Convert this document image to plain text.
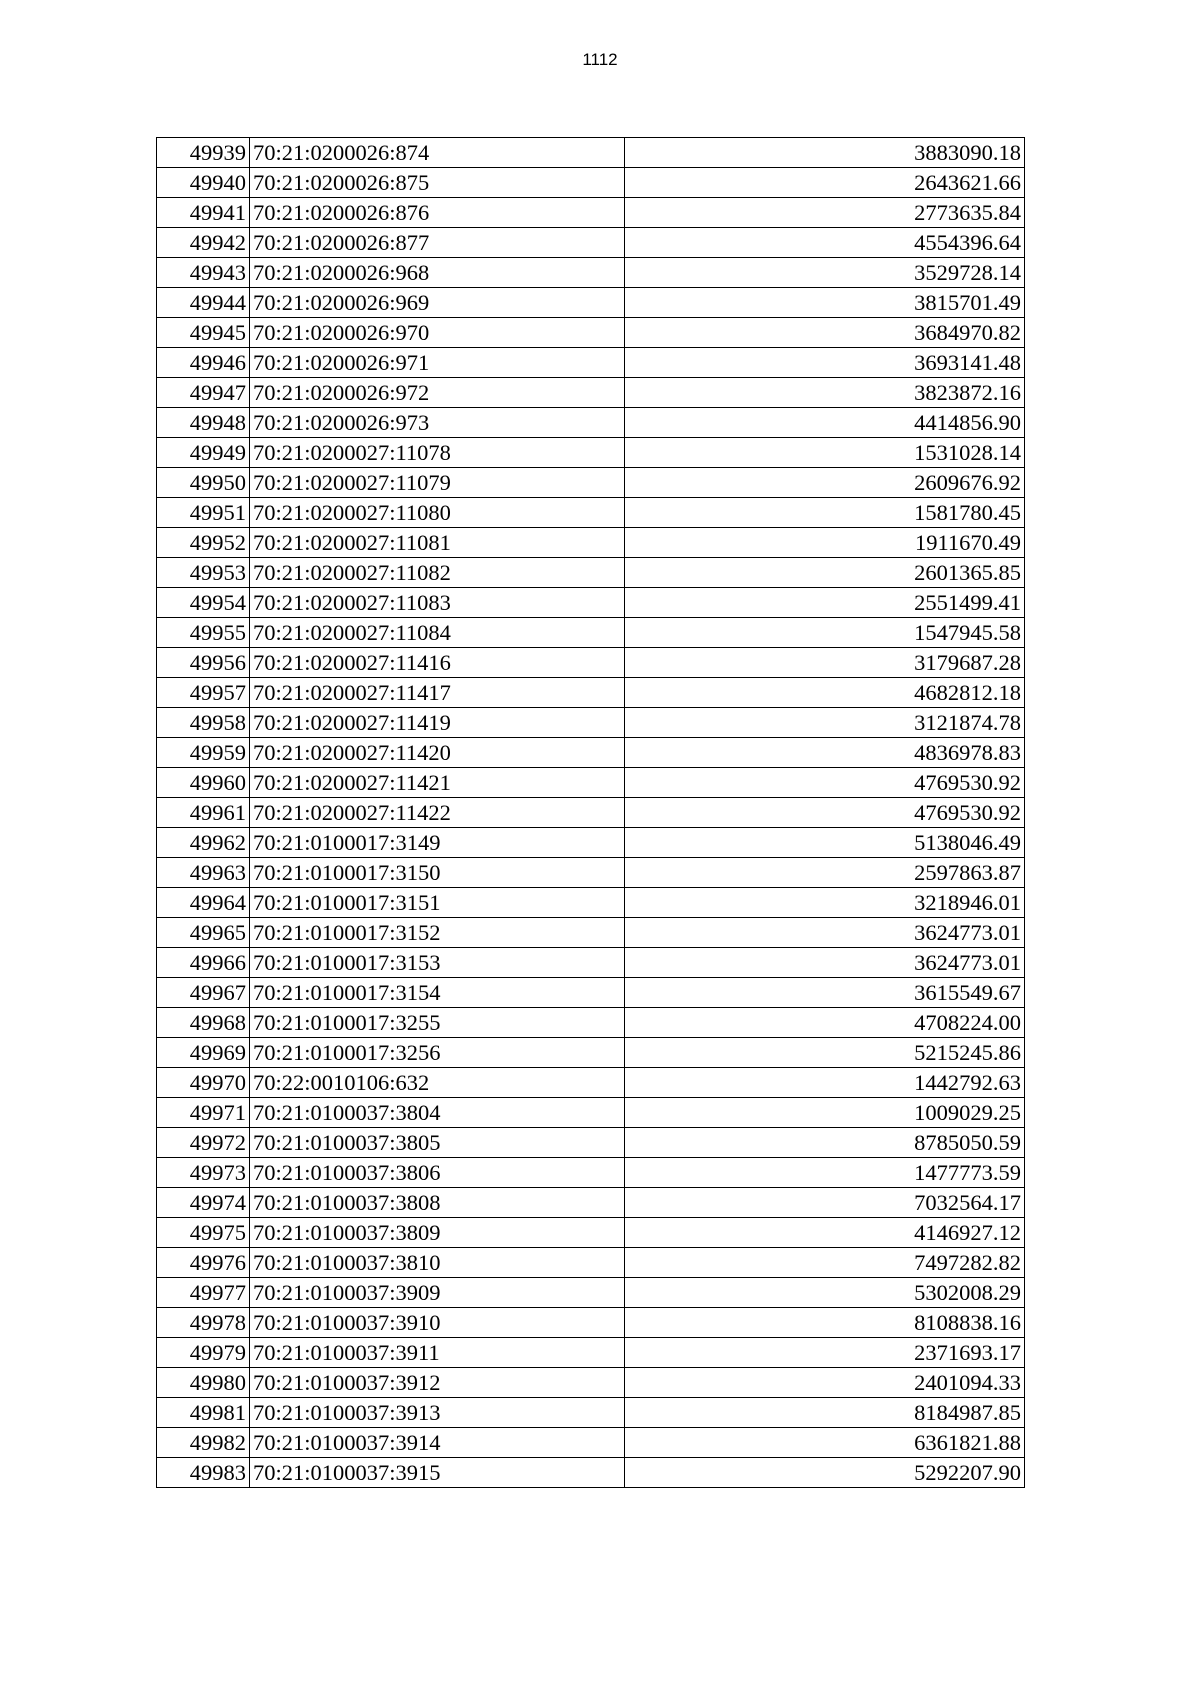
1112
49939	70:21:0200026:874	3883090.18
49940	70:21:0200026:875	2643621.66
49941	70:21:0200026:876	2773635.84
49942	70:21:0200026:877	4554396.64
49943	70:21:0200026:968	3529728.14
49944	70:21:0200026:969	3815701.49
49945	70:21:0200026:970	3684970.82
49946	70:21:0200026:971	3693141.48
49947	70:21:0200026:972	3823872.16
49948	70:21:0200026:973	4414856.90
49949	70:21:0200027:11078	1531028.14
49950	70:21:0200027:11079	2609676.92
49951	70:21:0200027:11080	1581780.45
49952	70:21:0200027:11081	1911670.49
49953	70:21:0200027:11082	2601365.85
49954	70:21:0200027:11083	2551499.41
49955	70:21:0200027:11084	1547945.58
49956	70:21:0200027:11416	3179687.28
49957	70:21:0200027:11417	4682812.18
49958	70:21:0200027:11419	3121874.78
49959	70:21:0200027:11420	4836978.83
49960	70:21:0200027:11421	4769530.92
49961	70:21:0200027:11422	4769530.92
49962	70:21:0100017:3149	5138046.49
49963	70:21:0100017:3150	2597863.87
49964	70:21:0100017:3151	3218946.01
49965	70:21:0100017:3152	3624773.01
49966	70:21:0100017:3153	3624773.01
49967	70:21:0100017:3154	3615549.67
49968	70:21:0100017:3255	4708224.00
49969	70:21:0100017:3256	5215245.86
49970	70:22:0010106:632	1442792.63
49971	70:21:0100037:3804	1009029.25
49972	70:21:0100037:3805	8785050.59
49973	70:21:0100037:3806	1477773.59
49974	70:21:0100037:3808	7032564.17
49975	70:21:0100037:3809	4146927.12
49976	70:21:0100037:3810	7497282.82
49977	70:21:0100037:3909	5302008.29
49978	70:21:0100037:3910	8108838.16
49979	70:21:0100037:3911	2371693.17
49980	70:21:0100037:3912	2401094.33
49981	70:21:0100037:3913	8184987.85
49982	70:21:0100037:3914	6361821.88
49983	70:21:0100037:3915	5292207.90
